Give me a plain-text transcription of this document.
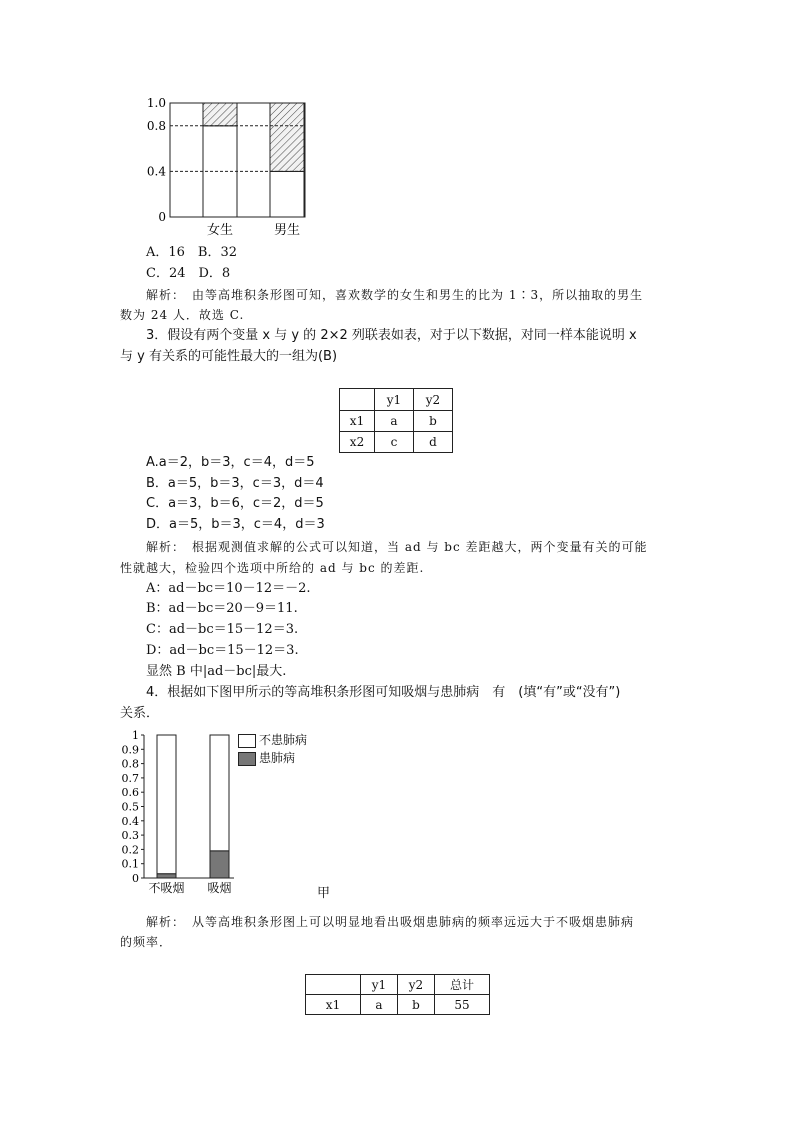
0
0.4
0.8
1.0
女生	男生
A．16　B．32
C．24　D．8
解析：　由等高堆积条形图可知，喜欢数学的女生和男生的比为 1∶3，所以抽取的男生
数为 24 人．故选 C.
3．假设有两个变量 x 与 y 的 2×2 列联表如表，对于以下数据，对同一样本能说明 x
与 y 有关系的可能性最大的一组为(B)
	y1	y2
x1	a	b
x2	c	d
A.a＝2，b＝3，c＝4，d＝5
B．a＝5，b＝3，c＝3，d＝4
C．a＝3，b＝6，c＝2，d＝5
D．a＝5，b＝3，c＝4，d＝3
解析：　根据观测值求解的公式可以知道，当 ad 与 bc 差距越大，两个变量有关的可能
性就越大，检验四个选项中所给的 ad 与 bc 的差距.
A：ad－bc＝10－12＝－2.
B：ad－bc＝20－9＝11.
C：ad－bc＝15－12＝3.
D：ad－bc＝15－12＝3.
显然 B 中|ad－bc|最大.
4．根据如下图甲所示的等高堆积条形图可知吸烟与患肺病　有　(填“有”或“没有”)
关系．
0
0.1
0.2
0.3
0.4
0.5
0.6
0.7
0.8
0.9
1
不吸烟 吸烟
不患肺病
患肺病
甲
解析：　从等高堆积条形图上可以明显地看出吸烟患肺病的频率远远大于不吸烟患肺病
的频率．
	y1	y2	总计
x1	a	b	55
